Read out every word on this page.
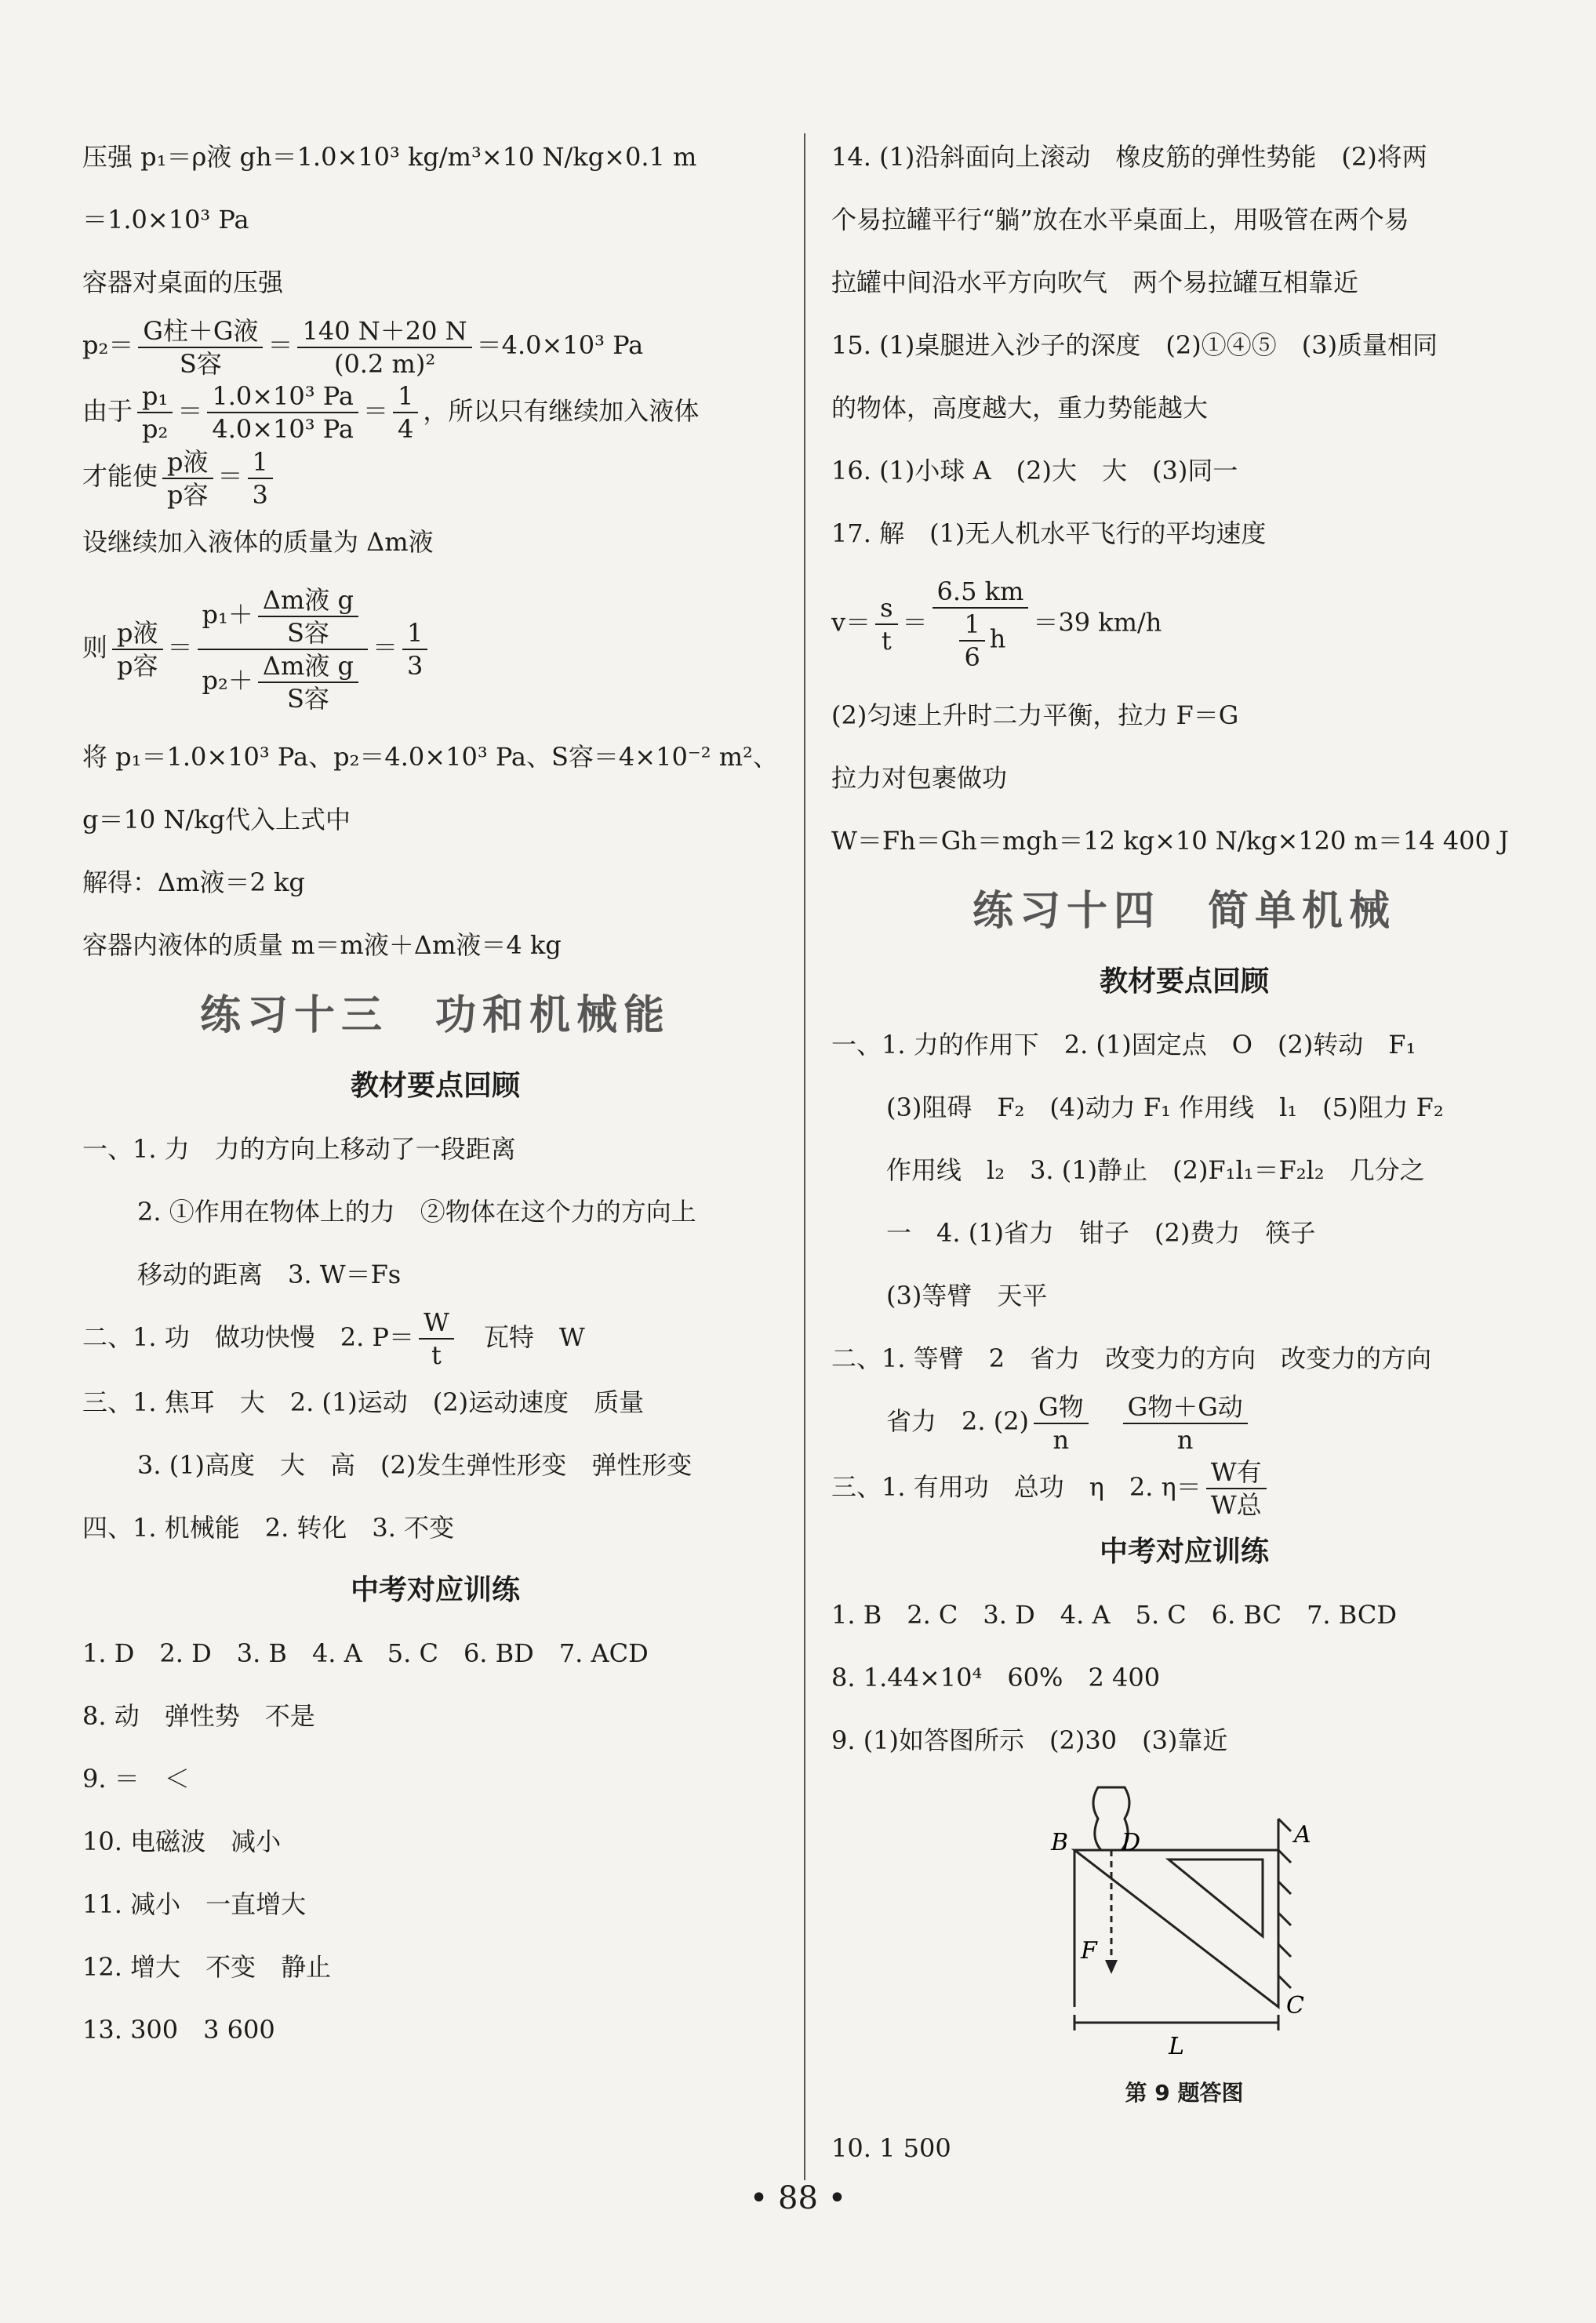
压强 p₁＝ρ液 gh＝1.0×10³ kg/m³×10 N/kg×0.1 m
＝1.0×10³ Pa
容器对桌面的压强
$p_2= \frac{\text{G柱＋G液}}{\text{S容}} = \frac{140 N+20 N}{\text{(0.2 m)²}} =4.0\times 10^3$ Pa
由于 $\frac{\text{p₁}}{\text{p₂}} = \frac{\text{1.0×10³ Pa}}{\text{4.0×10³ Pa}} = \frac{1}{4}$ ，所以只有继续加入液体
才能使 $\frac{\text{p液}}{\text{p容}} = \frac{1}{3}$
设继续加入液体的质量为 Δm液
则 $\frac{\text{p液}}{\text{p容}} = \frac{p_1+ \frac{\text{Δm液 g}}{\text{S容}}}{p_2+ \frac{\text{Δm液 g}}{\text{S容}}} = \frac{1}{3}$
将 p₁＝1.0×10³ Pa、p₂＝4.0×10³ Pa、S容＝4×10⁻² m²、
g＝10 N/kg代入上式中
解得：Δm液＝2 kg
容器内液体的质量 m＝m液＋Δm液＝4 kg
练习十三　功和机械能
教材要点回顾
一、1. 力　力的方向上移动了一段距离
2. ①作用在物体上的力　②物体在这个力的方向上
移动的距离　3. W＝Fs
二、1. 功　做功快慢　2. $P= \frac{W}{t}$ 　瓦特　W
三、1. 焦耳　大　2. (1)运动　(2)运动速度　质量
3. (1)高度　大　高　(2)发生弹性形变　弹性形变
四、1. 机械能　2. 转化　3. 不变
中考对应训练
1. D　2. D　3. B　4. A　5. C　6. BD　7. ACD
8. 动　弹性势　不是
9. ＝　＜
10. 电磁波　减小
11. 减小　一直增大
12. 增大　不变　静止
13. 300　3 600
14. (1)沿斜面向上滚动　橡皮筋的弹性势能　(2)将两
个易拉罐平行“躺”放在水平桌面上，用吸管在两个易
拉罐中间沿水平方向吹气　两个易拉罐互相靠近
15. (1)桌腿进入沙子的深度　(2)①④⑤　(3)质量相同
的物体，高度越大，重力势能越大
16. (1)小球 A　(2)大　大　(3)同一
17. 解　(1)无人机水平飞行的平均速度
$v= \frac{s}{t} = \frac{6.5 km}{\frac{1}{6} h} =39$ km/h
(2)匀速上升时二力平衡，拉力 F＝G
拉力对包裹做功
W＝Fh＝Gh＝mgh＝12 kg×10 N/kg×120 m＝14 400 J
练习十四　简单机械
教材要点回顾
一、1. 力的作用下　2. (1)固定点　O　(2)转动　F₁
(3)阻碍　F₂　(4)动力 F₁ 作用线　l₁　(5)阻力 F₂
作用线　l₂　3. (1)静止　(2)F₁l₁＝F₂l₂　几分之
一　4. (1)省力　钳子　(2)费力　筷子
(3)等臂　天平
二、1. 等臂　2　省力　改变力的方向　改变力的方向
省力　2. $(2) \frac{\text{G物}}{n}$
　 $\frac{\text{G物＋G动}}{n}$
三、1. 有用功　总功　η　2. $\eta= \frac{\text{W有}}{\text{W总}}$
中考对应训练
1. B　2. C　3. D　4. A　5. C　6. BC　7. BCD
8. 1.44×10⁴　60%　2 400
9. (1)如答图所示　(2)30　(3)靠近
B D	A
F
C
L
第 9 题答图
10. 1 500
• 88 •
